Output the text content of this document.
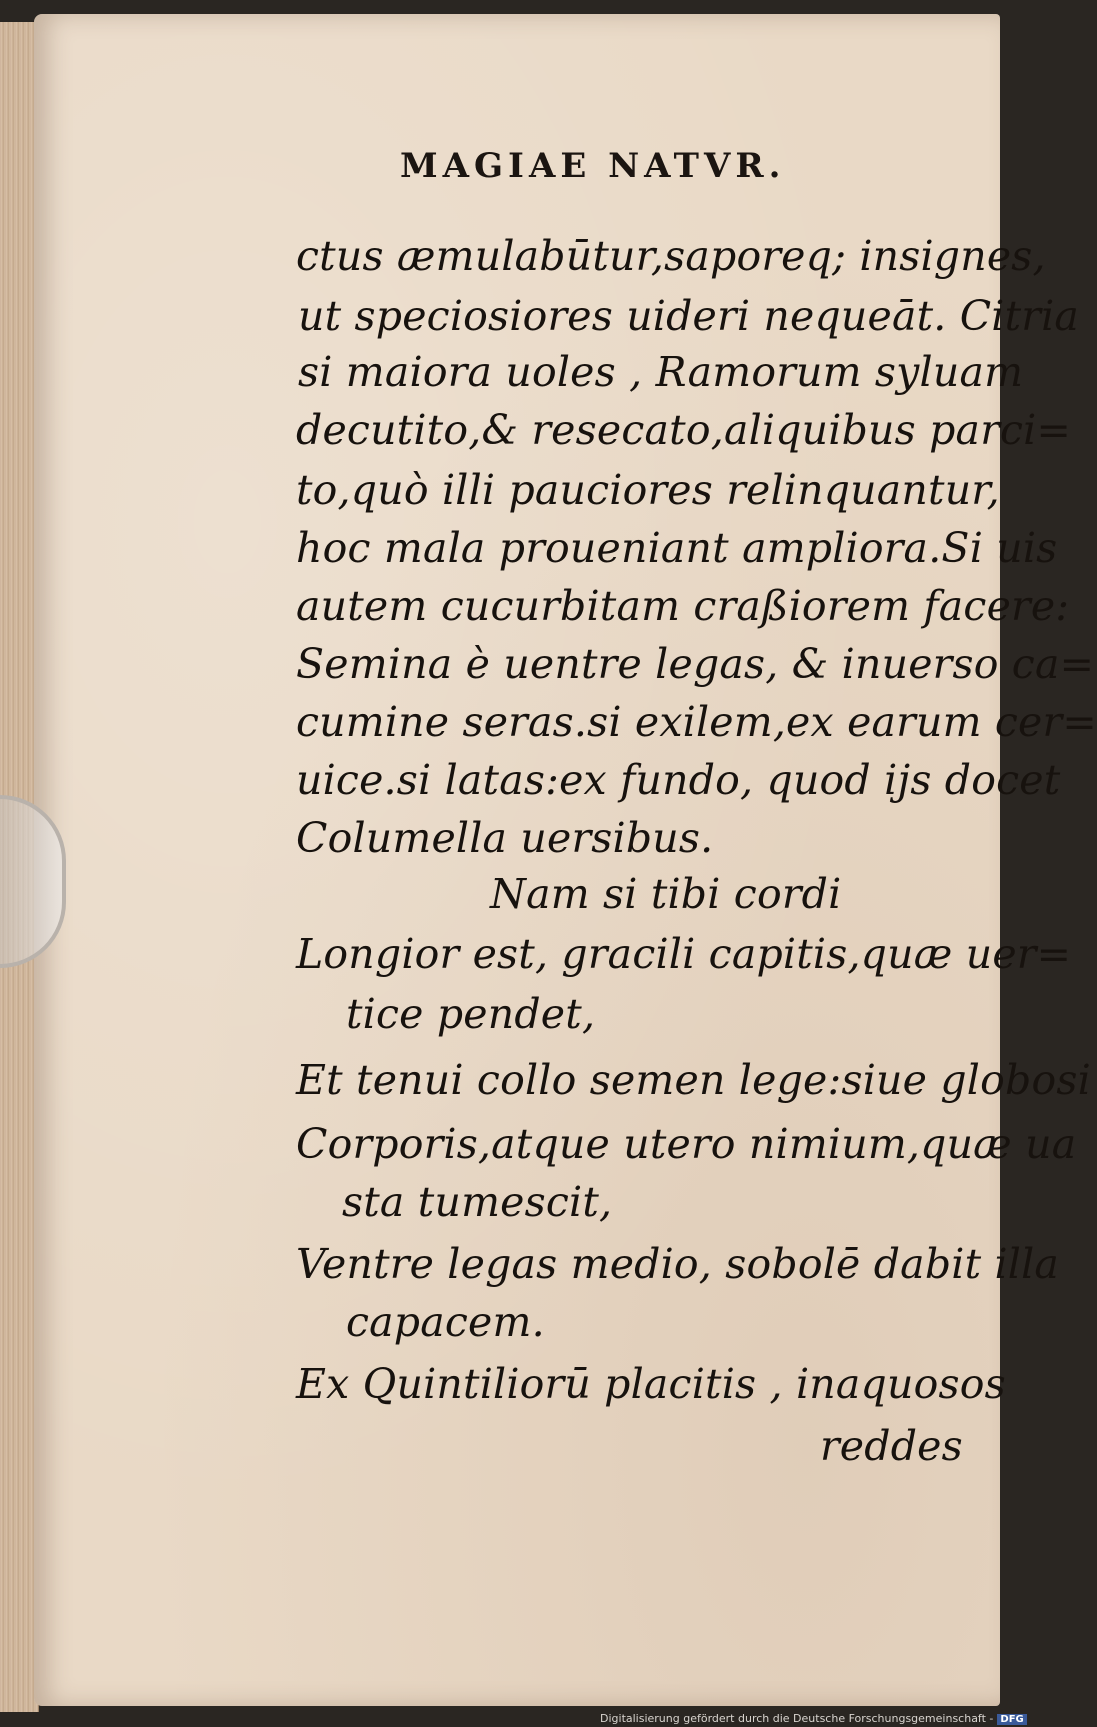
MAGIAE NATVR.
ctus æmulabūtur,saporeq; insignes,
ut speciosiores uideri nequeāt. Citria
si maiora uoles , Ramorum syluam
decutito,& resecato,aliquibus parci=
to,quò illi pauciores relinquantur,
hoc mala proueniant ampliora.Si uis
autem cucurbitam craßiorem facere:
Semina è uentre legas, & inuerso ca=
cumine seras.si exilem,ex earum cer=
uice.si latas:ex fundo, quod ijs docet
Columella uersibus.
Nam si tibi cordi
Longior est, gracili capitis,quæ uer=
tice pendet,
Et tenui collo semen lege:siue globosi
Corporis,atque utero nimium,quæ ua
sta tumescit,
Ventre legas medio, sobolē dabit illa
capacem.
Ex Quintiliorū placitis , inaquosos
reddes
Digitalisierung gefördert durch die Deutsche Forschungsgemeinschaft - DFG
